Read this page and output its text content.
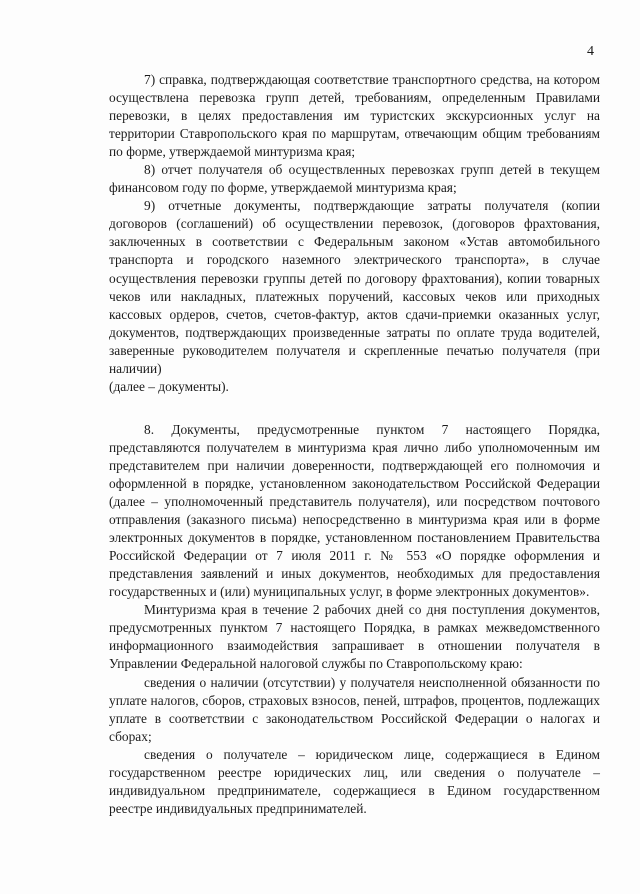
4

7) справка, подтверждающая соответствие транспортного средства, на котором осуществлена перевозка групп детей, требованиям, определенным Правилами перевозки, в целях предоставления им туристских экскурсионных услуг на территории Ставропольского края по маршрутам, отвечающим общим требованиям по форме, утверждаемой минтуризма края;

8) отчет получателя об осуществленных перевозках групп детей в текущем финансовом году по форме, утверждаемой минтуризма края;

9) отчетные документы, подтверждающие затраты получателя (копии договоров (соглашений) об осуществлении перевозок, (договоров фрахтования, заключенных в соответствии с Федеральным законом «Устав автомобильного транспорта и городского наземного электрического транспорта», в случае осуществления перевозки группы детей по договору фрахтования), копии товарных чеков или накладных, платежных поручений, кассовых чеков или приходных кассовых ордеров, счетов, счетов-фактур, актов сдачи-приемки оказанных услуг, документов, подтверждающих произведенные затраты по оплате труда водителей, заверенные руководителем получателя и скрепленные печатью получателя (при наличии)

(далее – документы).

8. Документы, предусмотренные пунктом 7 настоящего Порядка, представляются получателем в минтуризма края лично либо уполномоченным им представителем при наличии доверенности, подтверждающей его полномочия и оформленной в порядке, установленном законодательством Российской Федерации (далее – уполномоченный представитель получателя), или посредством почтового отправления (заказного письма) непосредственно в минтуризма края или в форме электронных документов в порядке, установленном постановлением Правительства Российской Федерации от 7 июля 2011 г. № 553 «О порядке оформления и представления заявлений и иных документов, необходимых для предоставления государственных и (или) муниципальных услуг, в форме электронных документов».

Минтуризма края в течение 2 рабочих дней со дня поступления документов, предусмотренных пунктом 7 настоящего Порядка, в рамках межведомственного информационного взаимодействия запрашивает в отношении получателя в Управлении Федеральной налоговой службы по Ставропольскому краю:

сведения о наличии (отсутствии) у получателя неисполненной обязанности по уплате налогов, сборов, страховых взносов, пеней, штрафов, процентов, подлежащих уплате в соответствии с законодательством Российской Федерации о налогах и сборах;

сведения о получателе – юридическом лице, содержащиеся в Едином государственном реестре юридических лиц, или сведения о получателе – индивидуальном предпринимателе, содержащиеся в Едином государственном реестре индивидуальных предпринимателей.
